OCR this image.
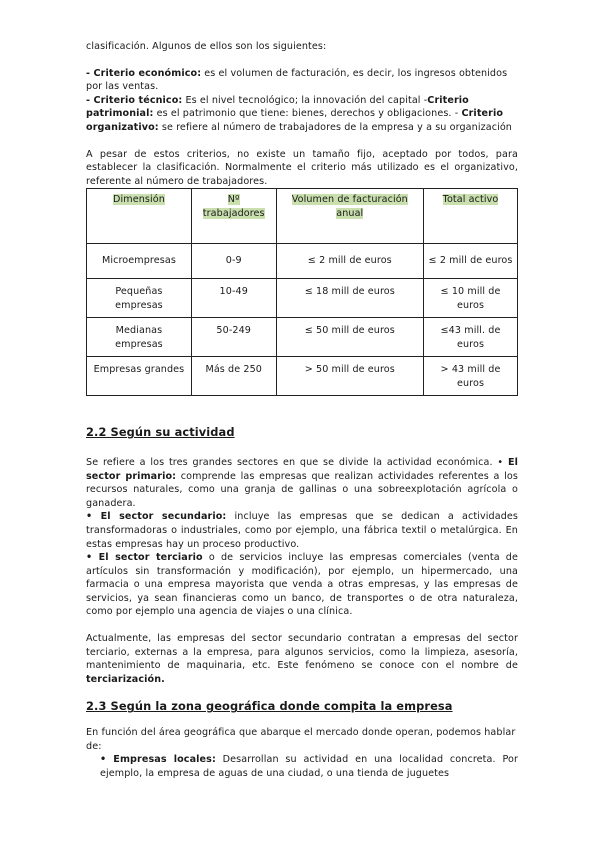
clasificación. Algunos de ellos son los siguientes:

- Criterio económico: es el volumen de facturación, es decir, los ingresos obtenidos por las ventas.

- Criterio técnico: Es el nivel tecnológico; la innovación del capital -Criterio patrimonial: es el patrimonio que tiene: bienes, derechos y obligaciones. - Criterio organizativo: se refiere al número de trabajadores de la empresa y a su organización

A pesar de estos criterios, no existe un tamaño fijo, aceptado por todos, para establecer la clasificación. Normalmente el criterio más utilizado es el organizativo, referente al número de trabajadores.

Dimensión	Nº trabajadores	Volumen de facturación anual	Total activo
Microempresas	0-9	≤ 2 mill de euros	≤ 2 mill de euros
Pequeñas empresas	10-49	≤ 18 mill de euros	≤ 10 mill de euros
Medianas empresas	50-249	≤ 50 mill de euros	≤43 mill. de euros
Empresas grandes	Más de 250	> 50 mill de euros	> 43 mill de euros

2.2 Según su actividad

Se refiere a los tres grandes sectores en que se divide la actividad económica. • El sector primario: comprende las empresas que realizan actividades referentes a los recursos naturales, como una granja de gallinas o una sobreexplotación agrícola o ganadera.

• El sector secundario: incluye las empresas que se dedican a actividades transformadoras o industriales, como por ejemplo, una fábrica textil o metalúrgica. En estas empresas hay un proceso productivo.

• El sector terciario o de servicios incluye las empresas comerciales (venta de artículos sin transformación y modificación), por ejemplo, un hipermercado, una farmacia o una empresa mayorista que venda a otras empresas, y las empresas de servicios, ya sean financieras como un banco, de transportes o de otra naturaleza, como por ejemplo una agencia de viajes o una clínica.

Actualmente, las empresas del sector secundario contratan a empresas del sector terciario, externas a la empresa, para algunos servicios, como la limpieza, asesoría, mantenimiento de maquinaria, etc. Este fenómeno se conoce con el nombre de terciarización.

2.3 Según la zona geográfica donde compita la empresa

En función del área geográfica que abarque el mercado donde operan, podemos hablar de:

• Empresas locales: Desarrollan su actividad en una localidad concreta. Por ejemplo, la empresa de aguas de una ciudad, o una tienda de juguetes
